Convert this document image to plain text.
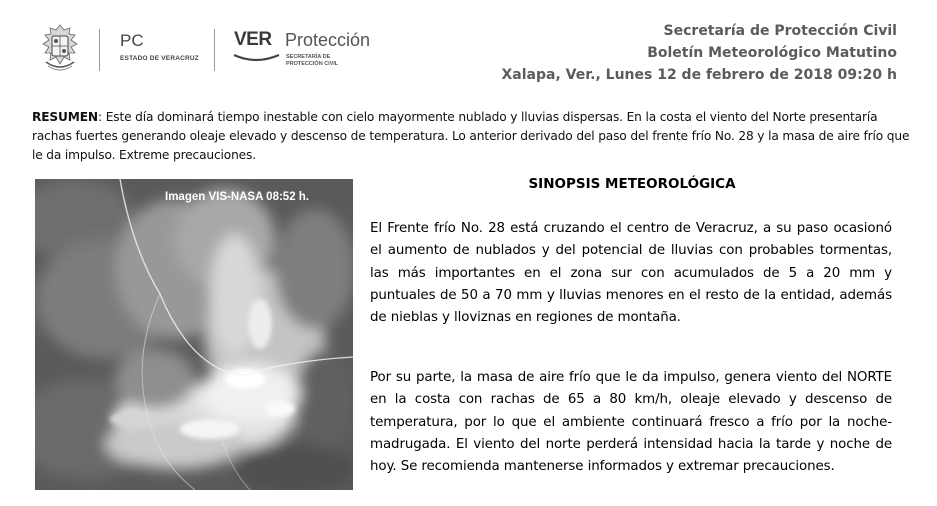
PC
ESTADO DE VERACRUZ
VER Protección
SECRETARÍA DE
PROTECCIÓN CIVIL
Secretaría de Protección Civil
Boletín Meteorológico Matutino
Xalapa, Ver., Lunes 12 de febrero de 2018 09:20 h
RESUMEN: Este día dominará tiempo inestable con cielo mayormente nublado y lluvias dispersas. En la costa el viento del Norte presentaría rachas fuertes generando oleaje elevado y descenso de temperatura. Lo anterior derivado del paso del frente frío No. 28 y la masa de aire frío que le da impulso. Extreme precauciones.
Imagen VIS-NASA 08:52 h.
SINOPSIS METEOROLÓGICA
El Frente frío No. 28 está cruzando el centro de Veracruz, a su paso ocasionó el aumento de nublados y del potencial de lluvias con probables tormentas, las más importantes en el zona sur con acumulados de 5 a 20 mm y puntuales de 50 a 70 mm y lluvias menores en el resto de la entidad, además de nieblas y lloviznas en regiones de montaña.
Por su parte, la masa de aire frío que le da impulso, genera viento del NORTE en la costa con rachas de 65 a 80 km/h, oleaje elevado y descenso de temperatura, por lo que el ambiente continuará fresco a frío por la noche-madrugada. El viento del norte perderá intensidad hacia la tarde y noche de hoy. Se recomienda mantenerse informados y extremar precauciones.
